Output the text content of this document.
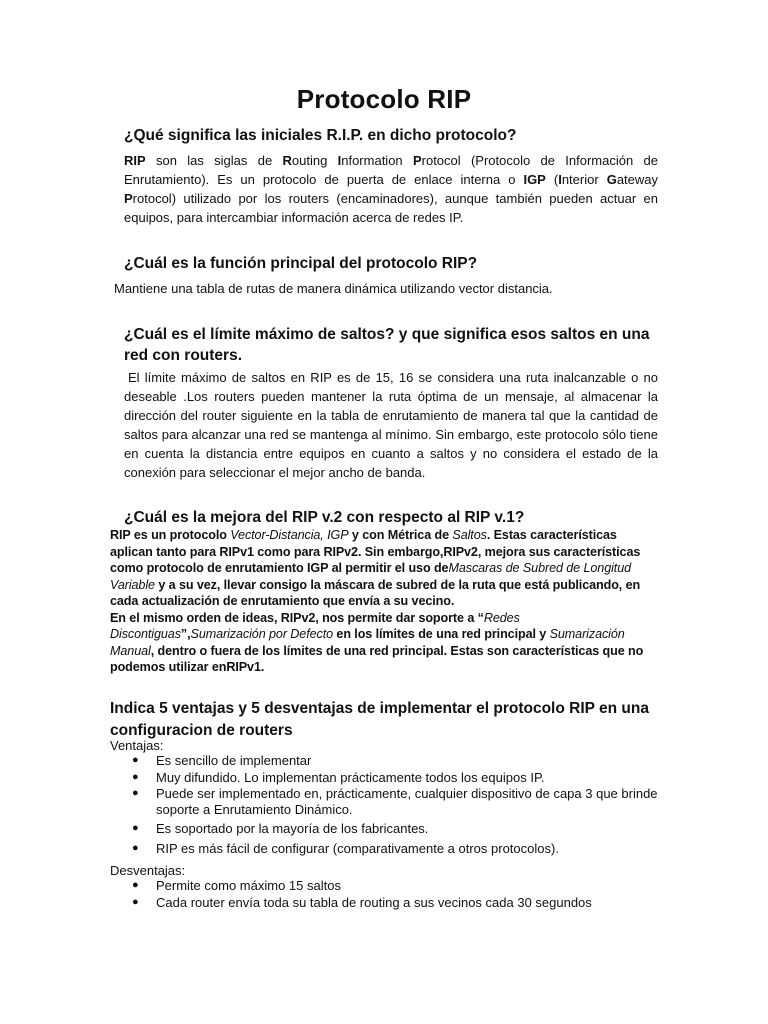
Protocolo RIP

¿Qué significa las iniciales R.I.P. en dicho protocolo?

RIP son las siglas de Routing Information Protocol (Protocolo de Información de Enrutamiento). Es un protocolo de puerta de enlace interna o IGP (Interior Gateway Protocol) utilizado por los routers (encaminadores), aunque también pueden actuar en equipos, para intercambiar información acerca de redes IP.

¿Cuál es la función principal del protocolo RIP?

Mantiene una tabla de rutas de manera dinámica utilizando vector distancia.

¿Cuál es el límite máximo de saltos? y que significa esos saltos en una
red con routers.

El límite máximo de saltos en RIP es de 15, 16 se considera una ruta inalcanzable o no deseable .Los routers pueden mantener la ruta óptima de un mensaje, al almacenar la dirección del router siguiente en la tabla de enrutamiento de manera tal que la cantidad de saltos para alcanzar una red se mantenga al mínimo. Sin embargo, este protocolo sólo tiene en cuenta la distancia entre equipos en cuanto a saltos y no considera el estado de la conexión para seleccionar el mejor ancho de banda.

¿Cuál es la mejora del RIP v.2 con respecto al RIP v.1?

RIP es un protocolo Vector-Distancia, IGP y con Métrica de Saltos. Estas características aplican tanto para RIPv1 como para RIPv2. Sin embargo,RIPv2, mejora sus características como protocolo de enrutamiento IGP al permitir el uso deMascaras de Subred de Longitud Variable y a su vez, llevar consigo la máscara de subred de la ruta que está publicando, en cada actualización de enrutamiento que envía a su vecino.
En el mismo orden de ideas, RIPv2, nos permite dar soporte a “Redes Discontiguas”,Sumarización por Defecto en los límites de una red principal y Sumarización Manual, dentro o fuera de los límites de una red principal. Estas son características que no podemos utilizar enRIPv1.

Indica 5 ventajas y 5 desventajas de implementar el protocolo RIP en una
configuracion de routers

Ventajas:

● Es sencillo de implementar
● Muy difundido. Lo implementan prácticamente todos los equipos IP.
● Puede ser implementado en, prácticamente, cualquier dispositivo de capa 3 que brinde soporte a Enrutamiento Dinámico.
● Es soportado por la mayoría de los fabricantes.
● RIP es más fácil de configurar (comparativamente a otros protocolos).

Desventajas:

● Permite como máximo 15 saltos
● Cada router envía toda su tabla de routing a sus vecinos cada 30 segundos
